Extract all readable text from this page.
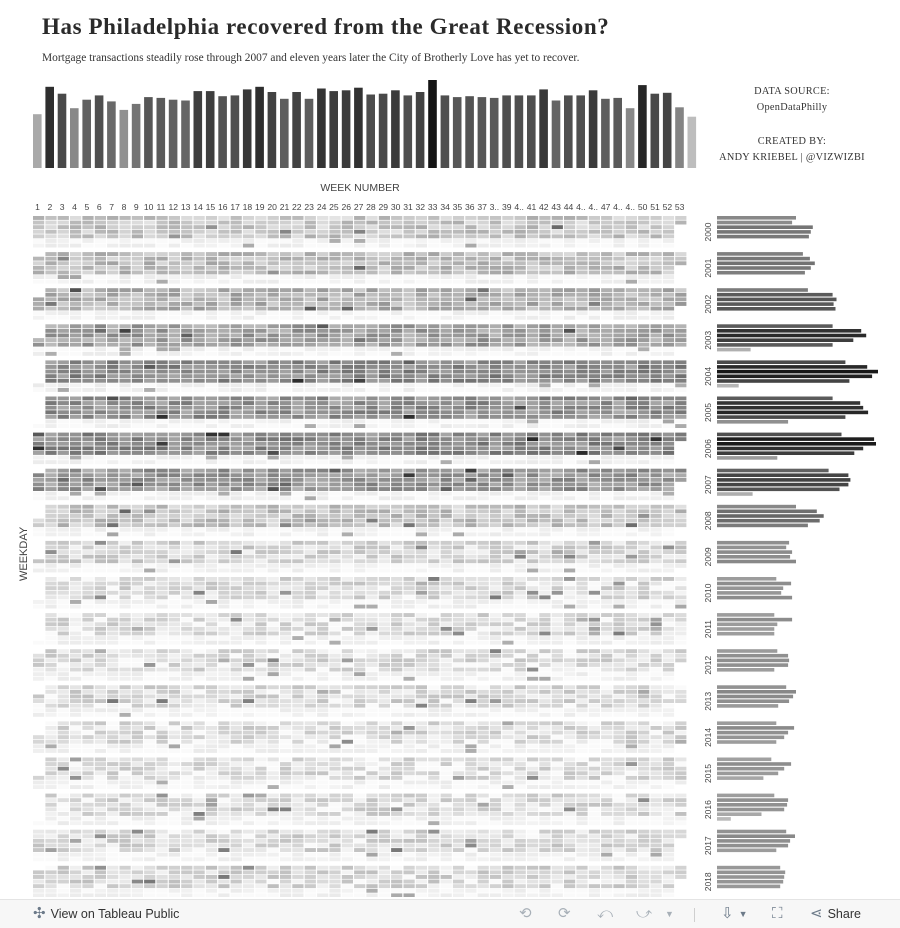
Has Philadelphia recovered from the Great Recession?
Mortgage transactions steadily rose through 2007 and eleven years later the City of Brotherly Love has yet to recover.
DATA SOURCE:
OpenDataPhilly
CREATED BY:
ANDY KRIEBEL | @VIZWIZBI
WEEK NUMBER
1 2 3 4 5 6 7 8 9 10 11 12 13 14 15 16 17 18 19 20 21 22 23 24 25 26 27 28 29 30 31 32 33 34 35 36 37 3.. 39 4.. 41 42 43 44 4.. 4.. 47 4.. 4.. 50 51 52 53
2000
2001
2002
2003
2004
2005
2006
2007
2008
2009
2010
2011
2012
2013
2014
2015
2016
2017
2018
WEEKDAY
✣ View on Tableau Public	⟲ ⟳ ⤺ ⤻ ▼	⇩ ▼ ⛶ ⋖ Share
